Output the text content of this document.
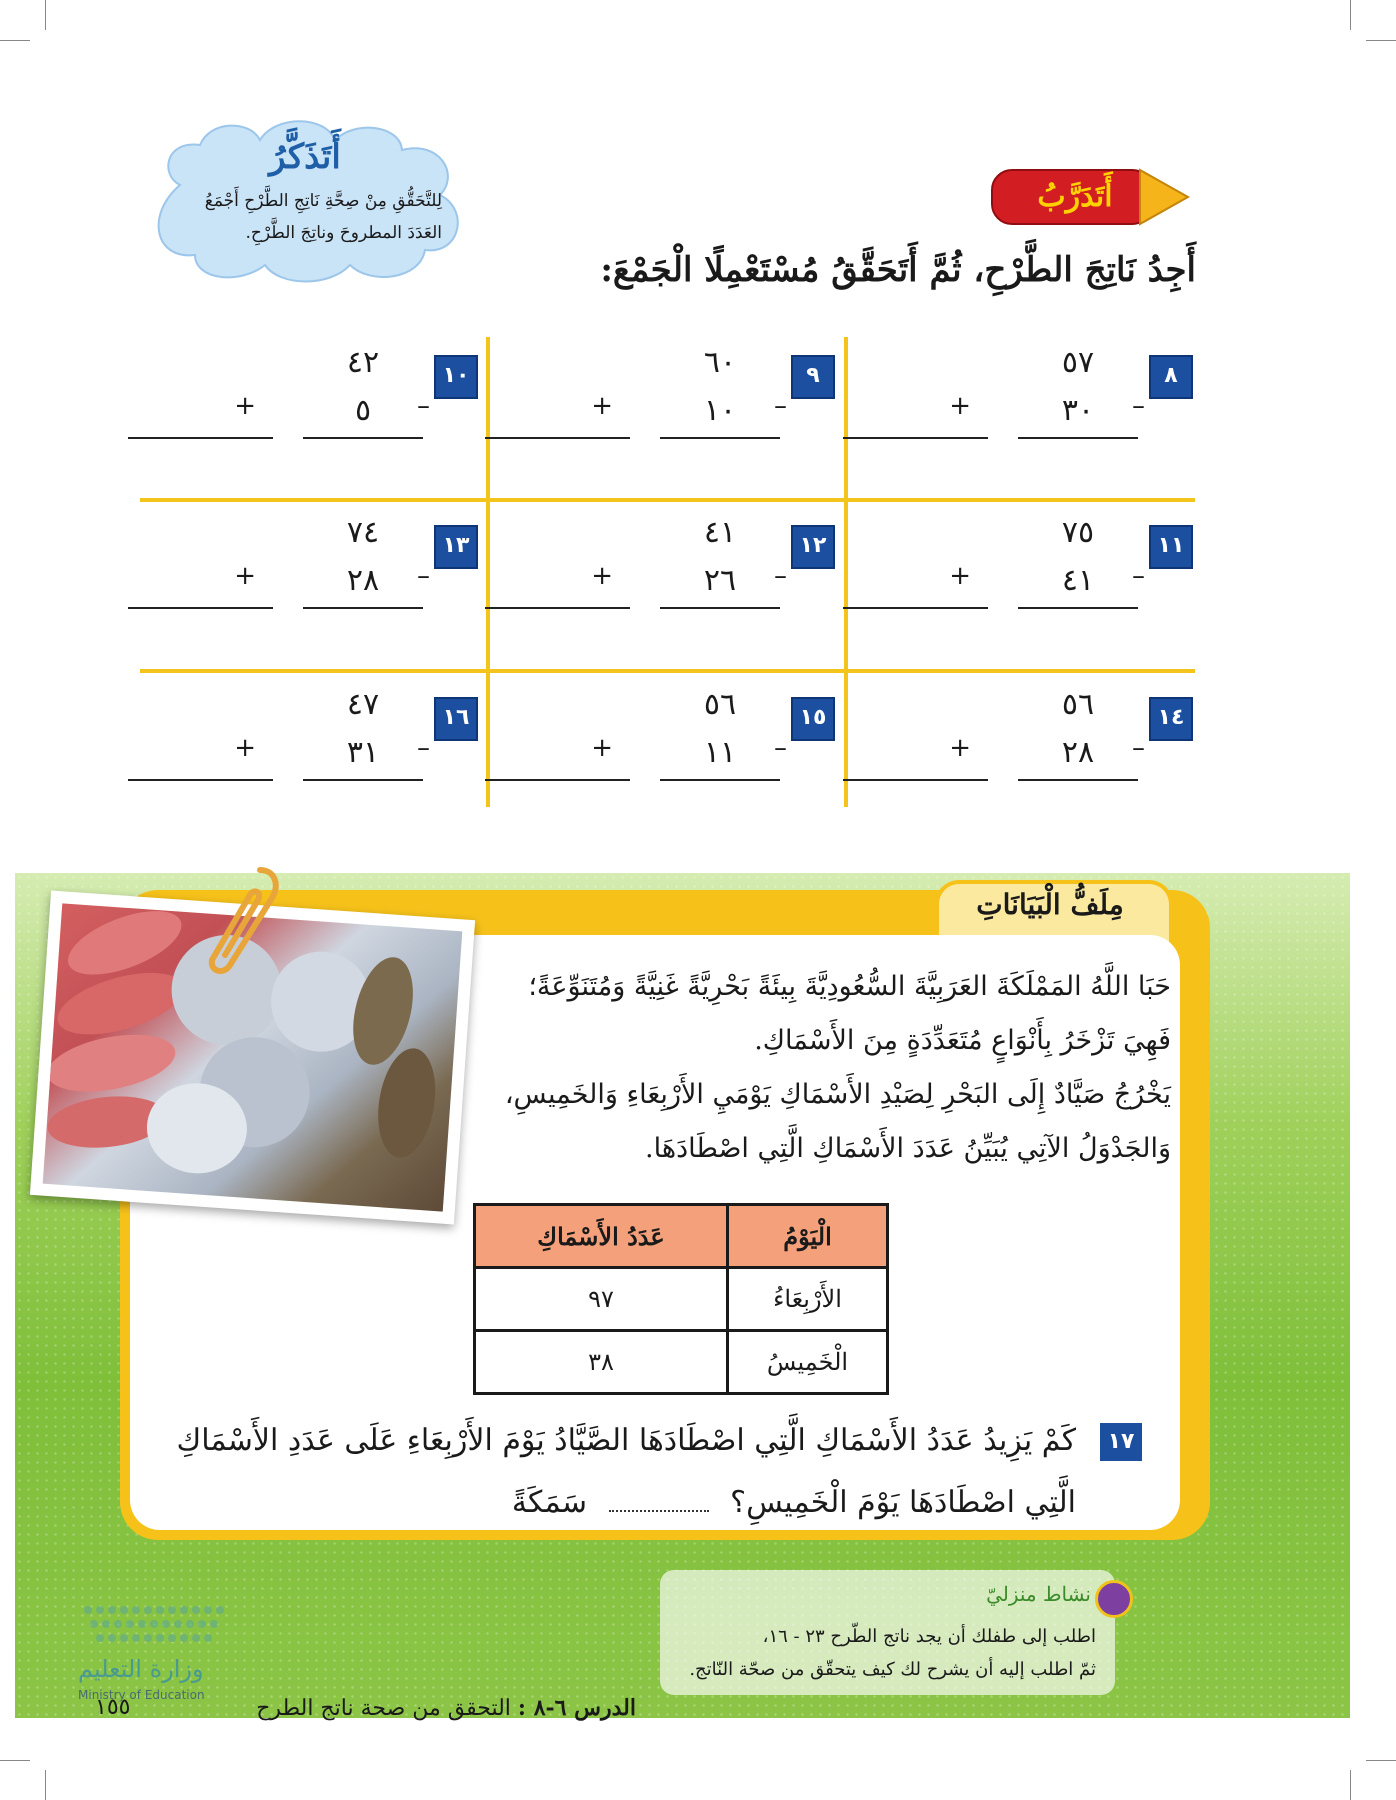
أَتَذَكَّرُ
لِلتَّحَقُّقِ مِنْ صِحَّةِ نَاتِجِ الطَّرْحِ أَجْمَعُ العَدَدَ المطروحَ وناتِجَ الطَّرْحِ.
أَتَدَرَّبُ
أَجِدُ نَاتِجَ الطَّرْحِ، ثُمَّ أَتَحَقَّقُ مُسْتَعْمِلًا الْجَمْعَ:
٨
٥٧
–
٣٠
+
٩
٦٠
–
١٠
+
١٠
٤٢
–
٥
+
١١
٧٥
–
٤١
+
١٢
٤١
–
٢٦
+
١٣
٧٤
–
٢٨
+
١٤
٥٦
–
٢٨
+
١٥
٥٦
–
١١
+
١٦
٤٧
–
٣١
+
مِلَفُّ الْبَيَانَاتِ
حَبَا اللَّهُ المَمْلَكَةَ العَرَبِيَّةَ السُّعُودِيَّةَ بِيئَةً بَحْرِيَّةً غَنِيَّةً وَمُتَنَوِّعَةً؛
فَهِيَ تَزْخَرُ بِأَنْوَاعٍ مُتَعَدِّدَةٍ مِنَ الأَسْمَاكِ.
يَخْرُجُ صَيَّادٌ إِلَى البَحْرِ لِصَيْدِ الأَسْمَاكِ يَوْمَيِ الأَرْبِعَاءِ وَالخَمِيسِ،
وَالجَدْوَلُ الآتِي يُبَيِّنُ عَدَدَ الأَسْمَاكِ الَّتِي اصْطَادَهَا.
الْيَوْمُ	عَدَدُ الأَسْمَاكِ
الأَرْبِعَاءُ	٩٧
الْخَمِيسُ	٣٨
١٧
كَمْ يَزِيدُ عَدَدُ الأَسْمَاكِ الَّتِي اصْطَادَهَا الصَّيَّادُ يَوْمَ الأَرْبِعَاءِ عَلَى عَدَدِ الأَسْمَاكِ
الَّتِي اصْطَادَهَا يَوْمَ الْخَمِيسِ؟  سَمَكَةً
نشاط منزليّ
اطلب إلى طفلك أن يجد ناتج الطّرح ٢٣ - ١٦،
ثمّ اطلب إليه أن يشرح لك كيف يتحقّق من صحّة النّاتج.
وزارة التعليم
Ministry of Education	الدرس ٦-٨ : التحقق من صحة ناتج الطرح
١٥٥
